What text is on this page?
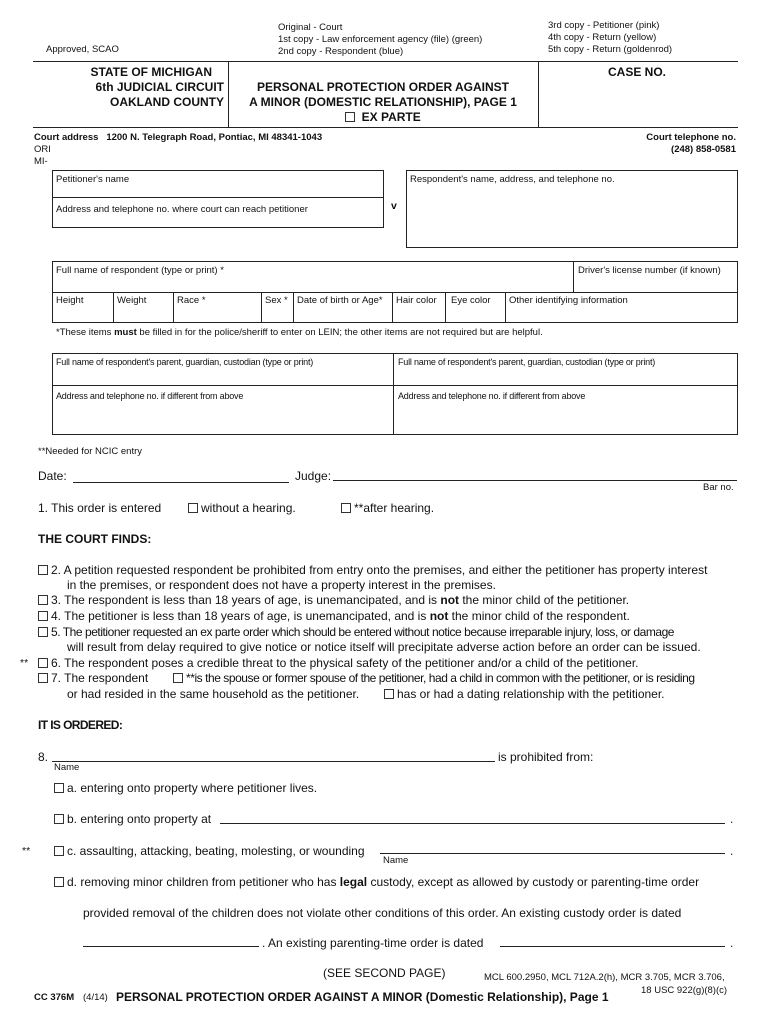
Approved, SCAO
Original - Court
1st copy - Law enforcement agency (file) (green)
2nd copy - Respondent (blue)
3rd copy - Petitioner (pink)
4th copy - Return (yellow)
5th copy - Return (goldenrod)
STATE OF MICHIGAN
6th JUDICIAL CIRCUIT
OAKLAND COUNTY
PERSONAL PROTECTION ORDER AGAINST
A MINOR (DOMESTIC RELATIONSHIP), PAGE 1
EX PARTE
CASE NO.
Court address 1200 N. Telegraph Road, Pontiac, MI 48341-1043
ORI
MI-
Court telephone no.
(248) 858-0581
Petitioner's name
Address and telephone no. where court can reach petitioner	v
Respondent's name, address, and telephone no.
Full name of respondent (type or print) *	Driver's license number (if known)
Height	Weight	Race *	Sex * Date of birth or Age*	Hair color	Eye color	Other identifying information
*These items must be filled in for the police/sheriff to enter on LEIN; the other items are not required but are helpful.
Full name of respondent's parent, guardian, custodian (type or print)	Full name of respondent's parent, guardian, custodian (type or print)
Address and telephone no. if different from above	Address and telephone no. if different from above
**Needed for NCIC entry
Date:	Judge:
Bar no.
1. This order is entered	without a hearing.	**after hearing.
THE COURT FINDS:
2. A petition requested respondent be prohibited from entry onto the premises, and either the petitioner has property interest
in the premises, or respondent does not have a property interest in the premises.
3. The respondent is less than 18 years of age, is unemancipated, and is not the minor child of the petitioner.
4. The petitioner is less than 18 years of age, is unemancipated, and is not the minor child of the respondent.
5. The petitioner requested an ex parte order which should be entered without notice because irreparable injury, loss, or damage
will result from delay required to give notice or notice itself will precipitate adverse action before an order can be issued.
**	6. The respondent poses a credible threat to the physical safety of the petitioner and/or a child of the petitioner.
7. The respondent	**is the spouse or former spouse of the petitioner, had a child in common with the petitioner, or is residing
or had resided in the same household as the petitioner.	has or had a dating relationship with the petitioner.
IT IS ORDERED:
8.	is prohibited from:
Name
a. entering onto property where petitioner lives.
b. entering onto property at	.
**	c. assaulting, attacking, beating, molesting, or wounding	.
Name
d. removing minor children from petitioner who has legal custody, except as allowed by custody or parenting-time order
provided removal of the children does not violate other conditions of this order. An existing custody order is dated
. An existing parenting-time order is dated	.
(SEE SECOND PAGE)	MCL 600.2950, MCL 712A.2(h), MCR 3.705, MCR 3.706,
18 USC 922(g)(8)(c)
CC 376M (4/14) PERSONAL PROTECTION ORDER AGAINST A MINOR (Domestic Relationship), Page 1
